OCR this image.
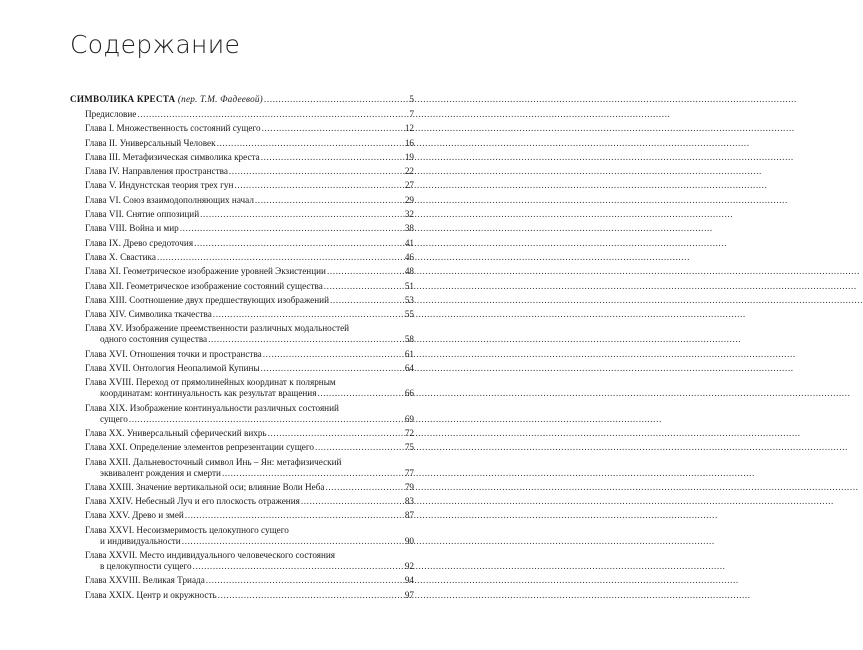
Содержание
СИМВОЛИКА КРЕСТА (пер. Т.М. Фадеевой) .....	5
Предисловие .....	7
Глава I. Множественность состояний сущего .....	12
Глава II. Универсальный Человек .....	16
Глава III. Метафизическая символика креста .....	19
Глава IV. Направления пространства .....	22
Глава V. Индунстская теория трех гун .....	27
Глава VI. Союз взаимодополняющих начал .....	29
Глава VII. Снятие оппозиций .....	32
Глава VIII. Война и мир .....	38
Глава IX. Древо средоточия .....	41
Глава X. Свастика .....	46
Глава XI. Геометрическое изображение уровней Экзистенции .....	48
Глава XII. Геометрическое изображение состояний существа .....	51
Глава XIII. Соотношение двух предшествующих изображений .....	53
Глава XIV. Символика ткачества .....	55
Глава XV. Изображение преемственности различных модальностей
одного состояния существа .....	58
Глава XVI. Отношения точки и пространства .....	61
Глава XVII. Онтология Неопалимой Купины .....	64
Глава XVIII. Переход от прямолинейных координат к полярным
координатам: континуальность как результат вращения .....	66
Глава XIX. Изображение континуальности различных состояний
сущего .....	69
Глава XX. Универсальный сферический вихрь .....	72
Глава XXI. Определение элементов репрезентации сущего .....	75
Глава XXII. Дальневосточный символ Инь – Ян: метафизический
эквивалент рождения и смерти .....	77
Глава XXIII. Значение вертикальной оси; влияние Воли Неба .....	79
Глава XXIV. Небесный Луч и его плоскость отражения .....	83
Глава XXV. Древо и змей .....	87
Глава XXVI. Несоизмеримость целокупного сущего
и индивидуальности .....	90
Глава XXVII. Место индивидуального человеческого состояния
в целокупности сущего .....	92
Глава XXVIII. Великая Триада .....	94
Глава XXIX. Центр и окружность .....	97
